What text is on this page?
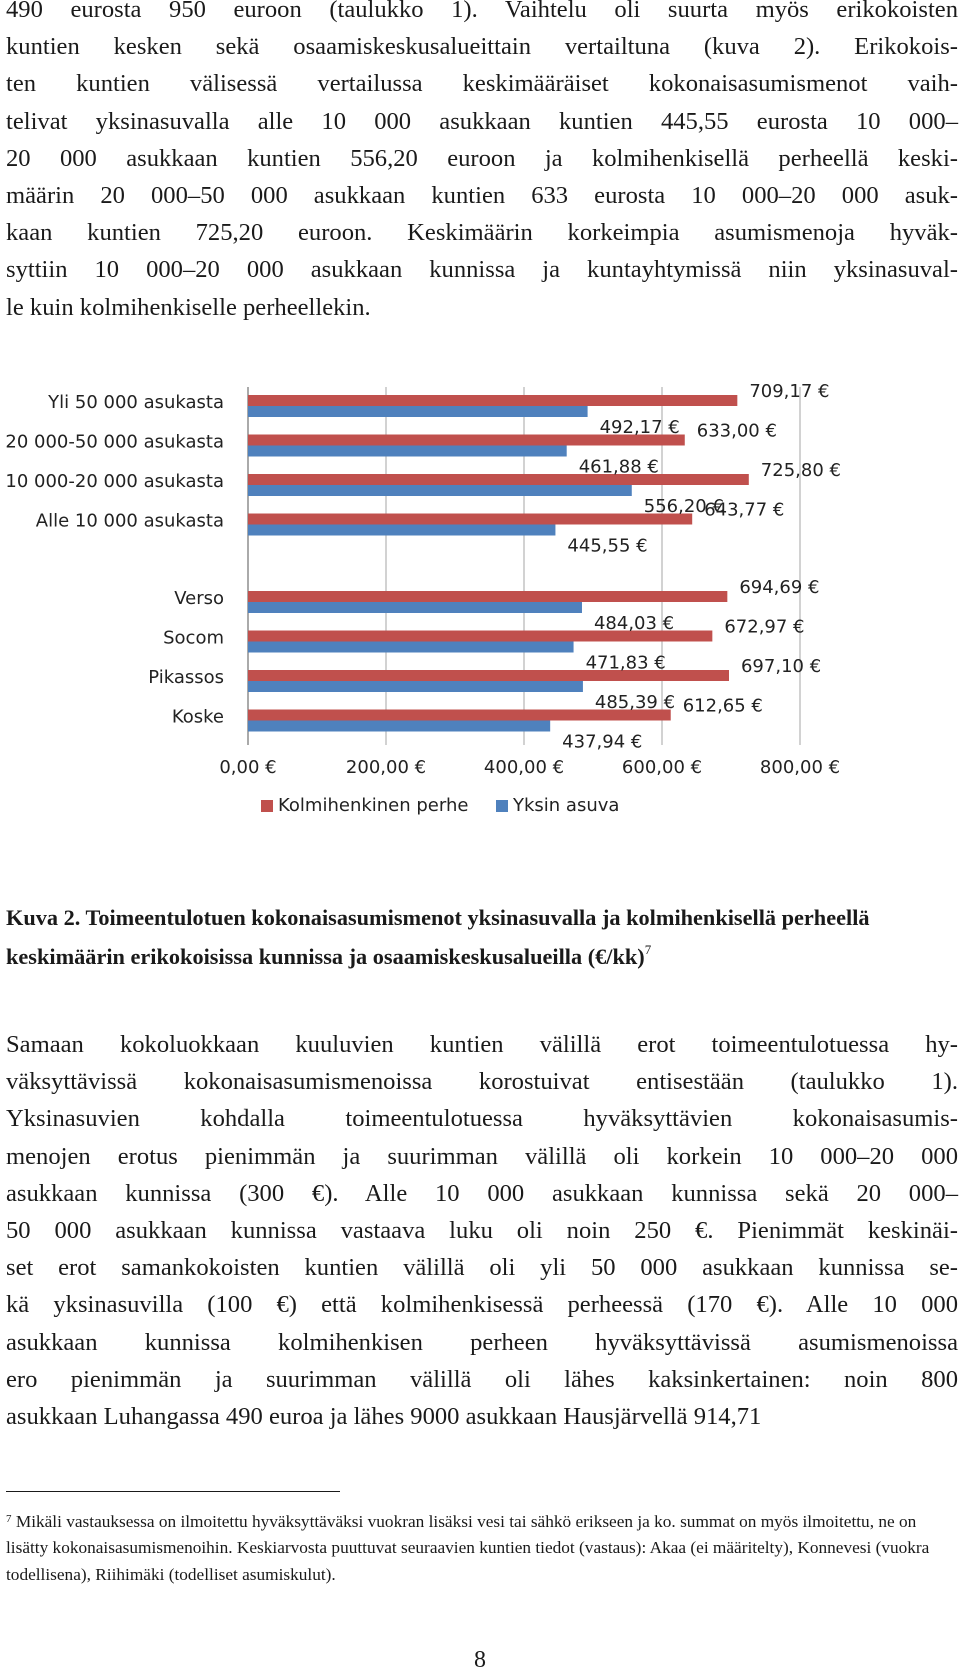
490 eurosta 950 euroon (taulukko 1). Vaihtelu oli suurta myös erikokoisten
kuntien kesken sekä osaamiskeskusalueittain vertailtuna (kuva 2). Erikokois-
ten kuntien välisessä vertailussa keskimääräiset kokonaisasumismenot vaih-
telivat yksinasuvalla alle 10 000 asukkaan kuntien 445,55 eurosta 10 000–
20 000 asukkaan kuntien 556,20 euroon ja kolmihenkisellä perheellä keski-
määrin 20 000–50 000 asukkaan kuntien 633 eurosta 10 000–20 000 asuk-
kaan kuntien 725,20 euroon. Keskimäärin korkeimpia asumismenoja hyväk-
syttiin 10 000–20 000 asukkaan kunnissa ja kuntayhtymissä niin yksinasuval-
le kuin kolmihenkiselle perheellekin.

709,17 €
492,17 € 633,00 €
461,88 €	725,80 €
556,20 €
643,77 €
445,55 €
694,69 €
484,03 €	672,97 €
471,83 €	697,10 €
485,39 € 612,65 €
437,94 €
Yli 50 000 asukasta
20 000-50 000 asukasta
10 000-20 000 asukasta
Alle 10 000 asukasta
Verso
Socom
Pikassos
Koske
0,00 €	200,00 €	400,00 €	600,00 €	800,00 €
Kolmihenkinen perhe Yksin asuva

Kuva 2. Toimeentulotuen kokonaisasumismenot yksinasuvalla ja kolmihenkisellä perheellä keskimäärin erikokoisissa kunnissa ja osaamiskeskusalueilla (€/kk)$^7$

Samaan kokoluokkaan kuuluvien kuntien välillä erot toimeentulotuessa hy-
väksyttävissä kokonaisasumismenoissa korostuivat entisestään (taulukko 1).
Yksinasuvien kohdalla toimeentulotuessa hyväksyttävien kokonaisasumis-
menojen erotus pienimmän ja suurimman välillä oli korkein 10 000–20 000
asukkaan kunnissa (300 €). Alle 10 000 asukkaan kunnissa sekä 20 000–
50 000 asukkaan kunnissa vastaava luku oli noin 250 €. Pienimmät keskinäi-
set erot samankokoisten kuntien välillä oli yli 50 000 asukkaan kunnissa se-
kä yksinasuvilla (100 €) että kolmihenkisessä perheessä (170 €). Alle 10 000
asukkaan kunnissa kolmihenkisen perheen hyväksyttävissä asumismenoissa
ero pienimmän ja suurimman välillä oli lähes kaksinkertainen: noin 800
asukkaan Luhangassa 490 euroa ja lähes 9000 asukkaan Hausjärvellä 914,71

$^7$ Mikäli vastauksessa on ilmoitettu hyväksyttäväksi vuokran lisäksi vesi tai sähkö erikseen ja ko. summat on myös ilmoitettu, ne on lisätty kokonaisasumismenoihin. Keskiarvosta puuttuvat seuraavien kuntien tiedot (vastaus): Akaa (ei määritelty), Konnevesi (vuokra todellisena), Riihimäki (todelliset asumiskulut).

8
